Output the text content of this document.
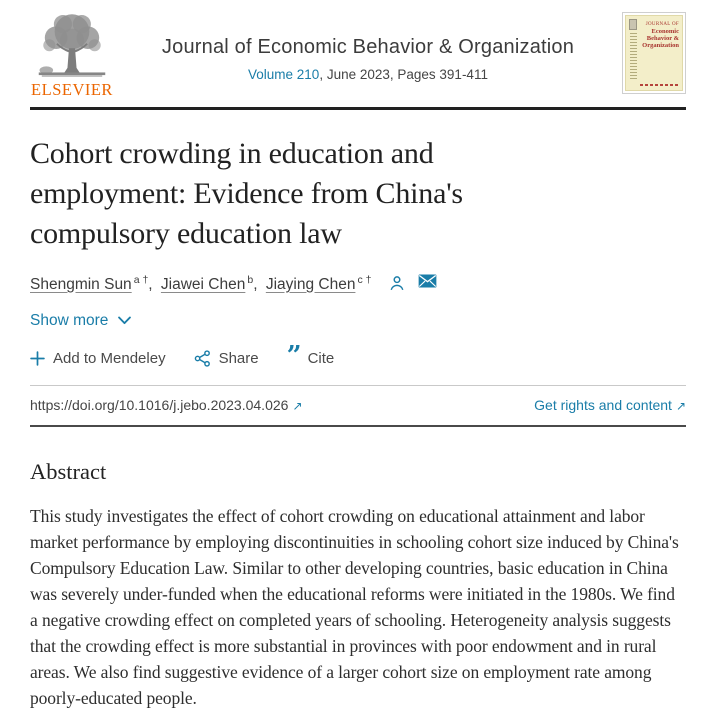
ELSEVIER
Journal of Economic Behavior & Organization
Volume 210, June 2023, Pages 391-411
JOURNAL OF
Economic
Behavior &
Organization
Cohort crowding in education and employment: Evidence from China's compulsory education law
Shengmin Sun $^{a \dagger}$, Jiawei Chen $^b$, Jiaying Chen $^{c \dagger}$
Show more
Add to Mendeley	Share ” Cite
https://doi.org/10.1016/j.jebo.2023.04.026 ↗	Get rights and content ↗
Abstract

This study investigates the effect of cohort crowding on educational attainment and labor market performance by employing discontinuities in schooling cohort size induced by China's Compulsory Education Law. Similar to other developing countries, basic education in China was severely under-funded when the educational reforms were initiated in the 1980s. We find a negative crowding effect on completed years of schooling. Heterogeneity analysis suggests that the crowding effect is more substantial in provinces with poor endowment and in rural areas. We also find suggestive evidence of a larger cohort size on employment rate among poorly-educated people.
